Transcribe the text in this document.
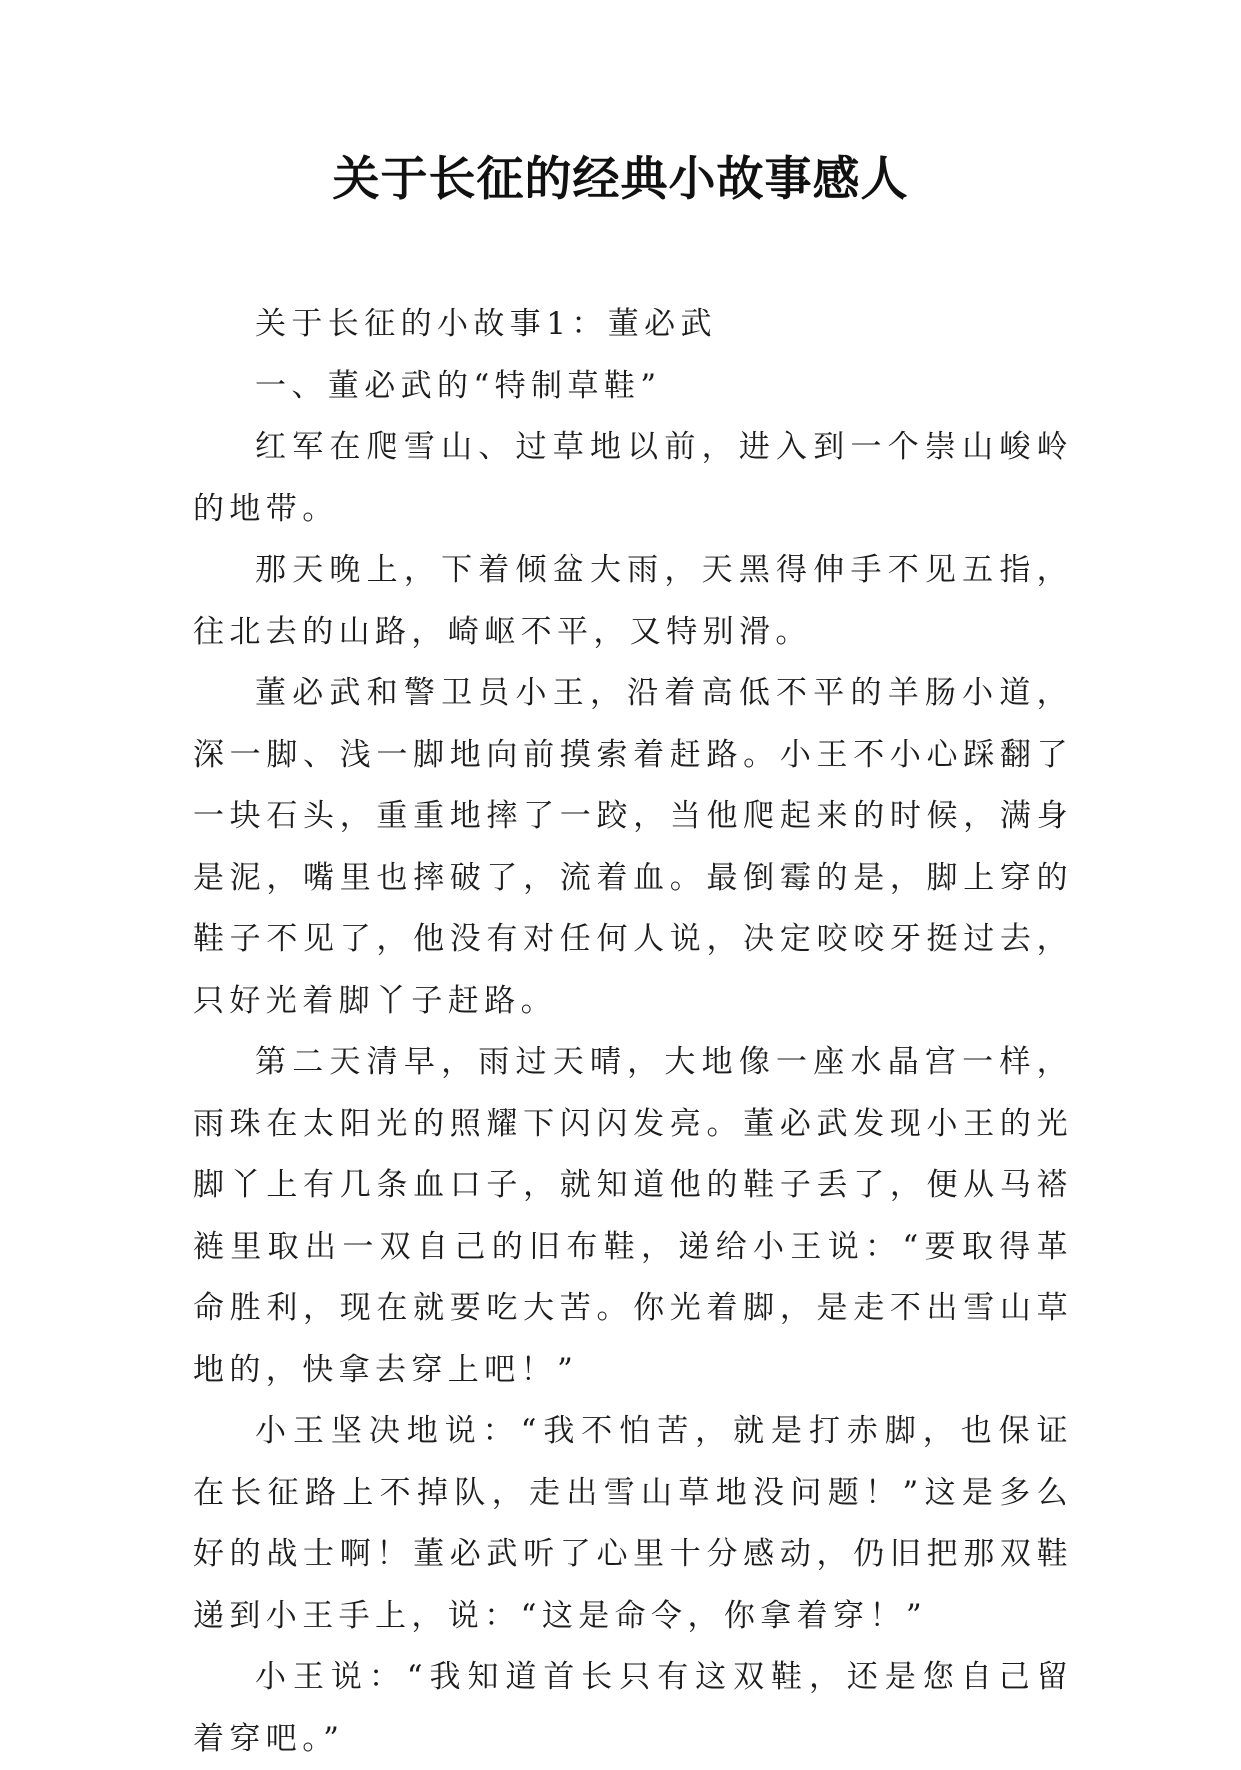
关于长征的经典小故事感人

关于长征的小故事1：董必武

一、董必武的“特制草鞋”

红军在爬雪山、过草地以前，进入到一个崇山峻岭的地带。

那天晚上，下着倾盆大雨，天黑得伸手不见五指，往北去的山路，崎岖不平，又特别滑。

董必武和警卫员小王，沿着高低不平的羊肠小道，深一脚、浅一脚地向前摸索着赶路。小王不小心踩翻了一块石头，重重地摔了一跤，当他爬起来的时候，满身是泥，嘴里也摔破了，流着血。最倒霉的是，脚上穿的鞋子不见了，他没有对任何人说，决定咬咬牙挺过去，只好光着脚丫子赶路。

第二天清早，雨过天晴，大地像一座水晶宫一样，雨珠在太阳光的照耀下闪闪发亮。董必武发现小王的光脚丫上有几条血口子，就知道他的鞋子丢了，便从马褡裢里取出一双自己的旧布鞋，递给小王说：“要取得革命胜利，现在就要吃大苦。你光着脚，是走不出雪山草地的，快拿去穿上吧！”

小王坚决地说：“我不怕苦，就是打赤脚，也保证在长征路上不掉队，走出雪山草地没问题！”这是多么好的战士啊！董必武听了心里十分感动，仍旧把那双鞋递到小王手上，说：“这是命令，你拿着穿！”

小王说：“我知道首长只有这双鞋，还是您自己留着穿吧。”
